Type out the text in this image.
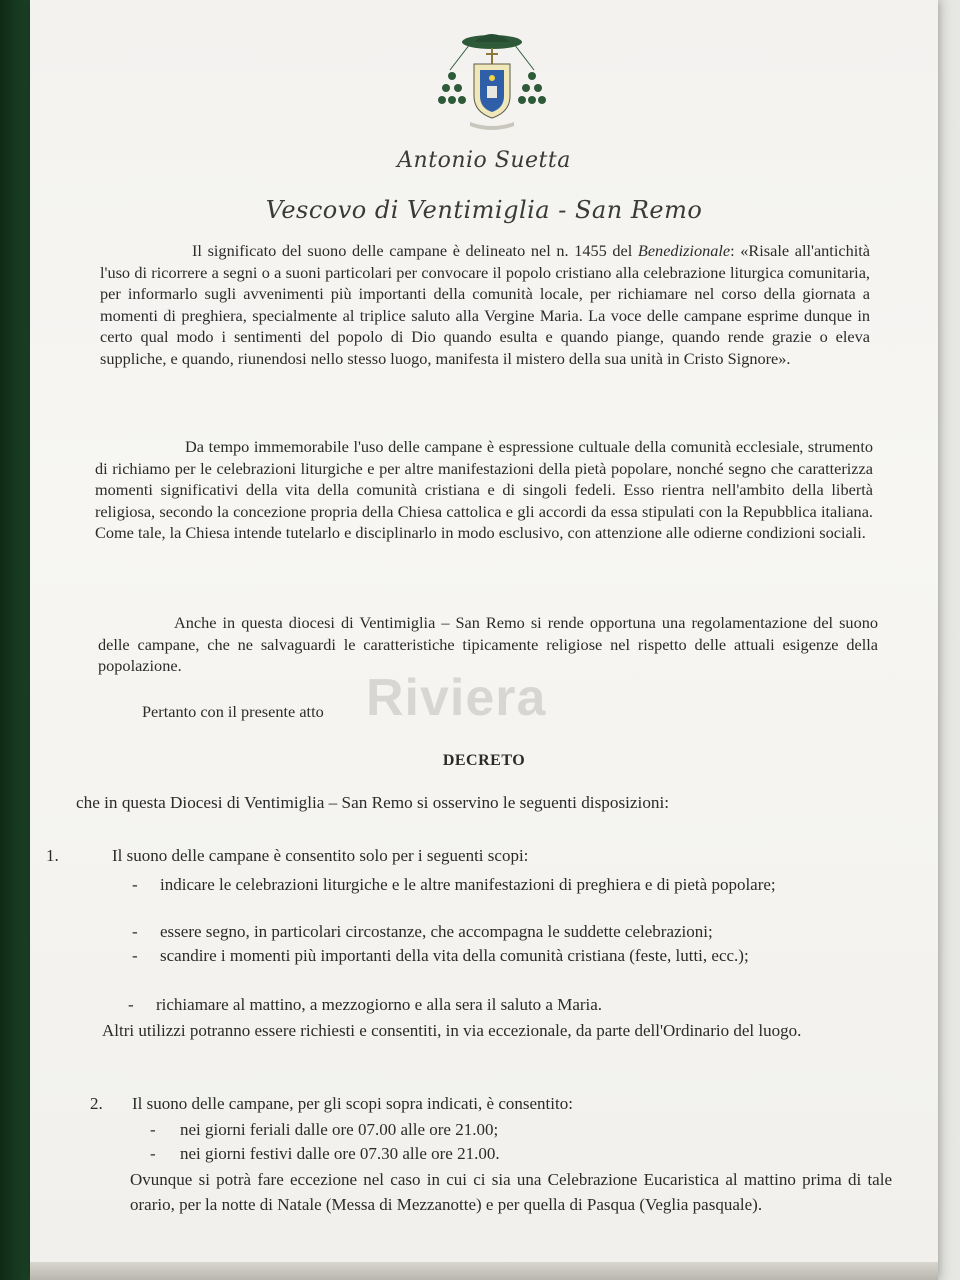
Antonio Suetta
Vescovo di Ventimiglia - San Remo
Il significato del suono delle campane è delineato nel n. 1455 del Benedizionale: «Risale all'antichità l'uso di ricorrere a segni o a suoni particolari per convocare il popolo cristiano alla celebrazione liturgica comunitaria, per informarlo sugli avvenimenti più importanti della comunità locale, per richiamare nel corso della giornata a momenti di preghiera, specialmente al triplice saluto alla Vergine Maria. La voce delle campane esprime dunque in certo qual modo i sentimenti del popolo di Dio quando esulta e quando piange, quando rende grazie o eleva suppliche, e quando, riunendosi nello stesso luogo, manifesta il mistero della sua unità in Cristo Signore».
Da tempo immemorabile l'uso delle campane è espressione cultuale della comunità ecclesiale, strumento di richiamo per le celebrazioni liturgiche e per altre manifestazioni della pietà popolare, nonché segno che caratterizza momenti significativi della vita della comunità cristiana e di singoli fedeli. Esso rientra nell'ambito della libertà religiosa, secondo la concezione propria della Chiesa cattolica e gli accordi da essa stipulati con la Repubblica italiana. Come tale, la Chiesa intende tutelarlo e disciplinarlo in modo esclusivo, con attenzione alle odierne condizioni sociali.
Anche in questa diocesi di Ventimiglia – San Remo si rende opportuna una regolamentazione del suono delle campane, che ne salvaguardi le caratteristiche tipicamente religiose nel rispetto delle attuali esigenze della popolazione.
Riviera
Pertanto con il presente atto
DECRETO
che in questa Diocesi di Ventimiglia – San Remo si osservino le seguenti disposizioni:
1.	Il suono delle campane è consentito solo per i seguenti scopi:
- indicare le celebrazioni liturgiche e le altre manifestazioni di preghiera e di pietà popolare;
- essere segno, in particolari circostanze, che accompagna le suddette celebrazioni;
- scandire i momenti più importanti della vita della comunità cristiana (feste, lutti, ecc.);
- richiamare al mattino, a mezzogiorno e alla sera il saluto a Maria.
Altri utilizzi potranno essere richiesti e consentiti, in via eccezionale, da parte dell'Ordinario del luogo.
2. Il suono delle campane, per gli scopi sopra indicati, è consentito:
- nei giorni feriali dalle ore 07.00 alle ore 21.00;
- nei giorni festivi dalle ore 07.30 alle ore 21.00.
Ovunque si potrà fare eccezione nel caso in cui ci sia una Celebrazione Eucaristica al mattino prima di tale orario, per la notte di Natale (Messa di Mezzanotte) e per quella di Pasqua (Veglia pasquale).
